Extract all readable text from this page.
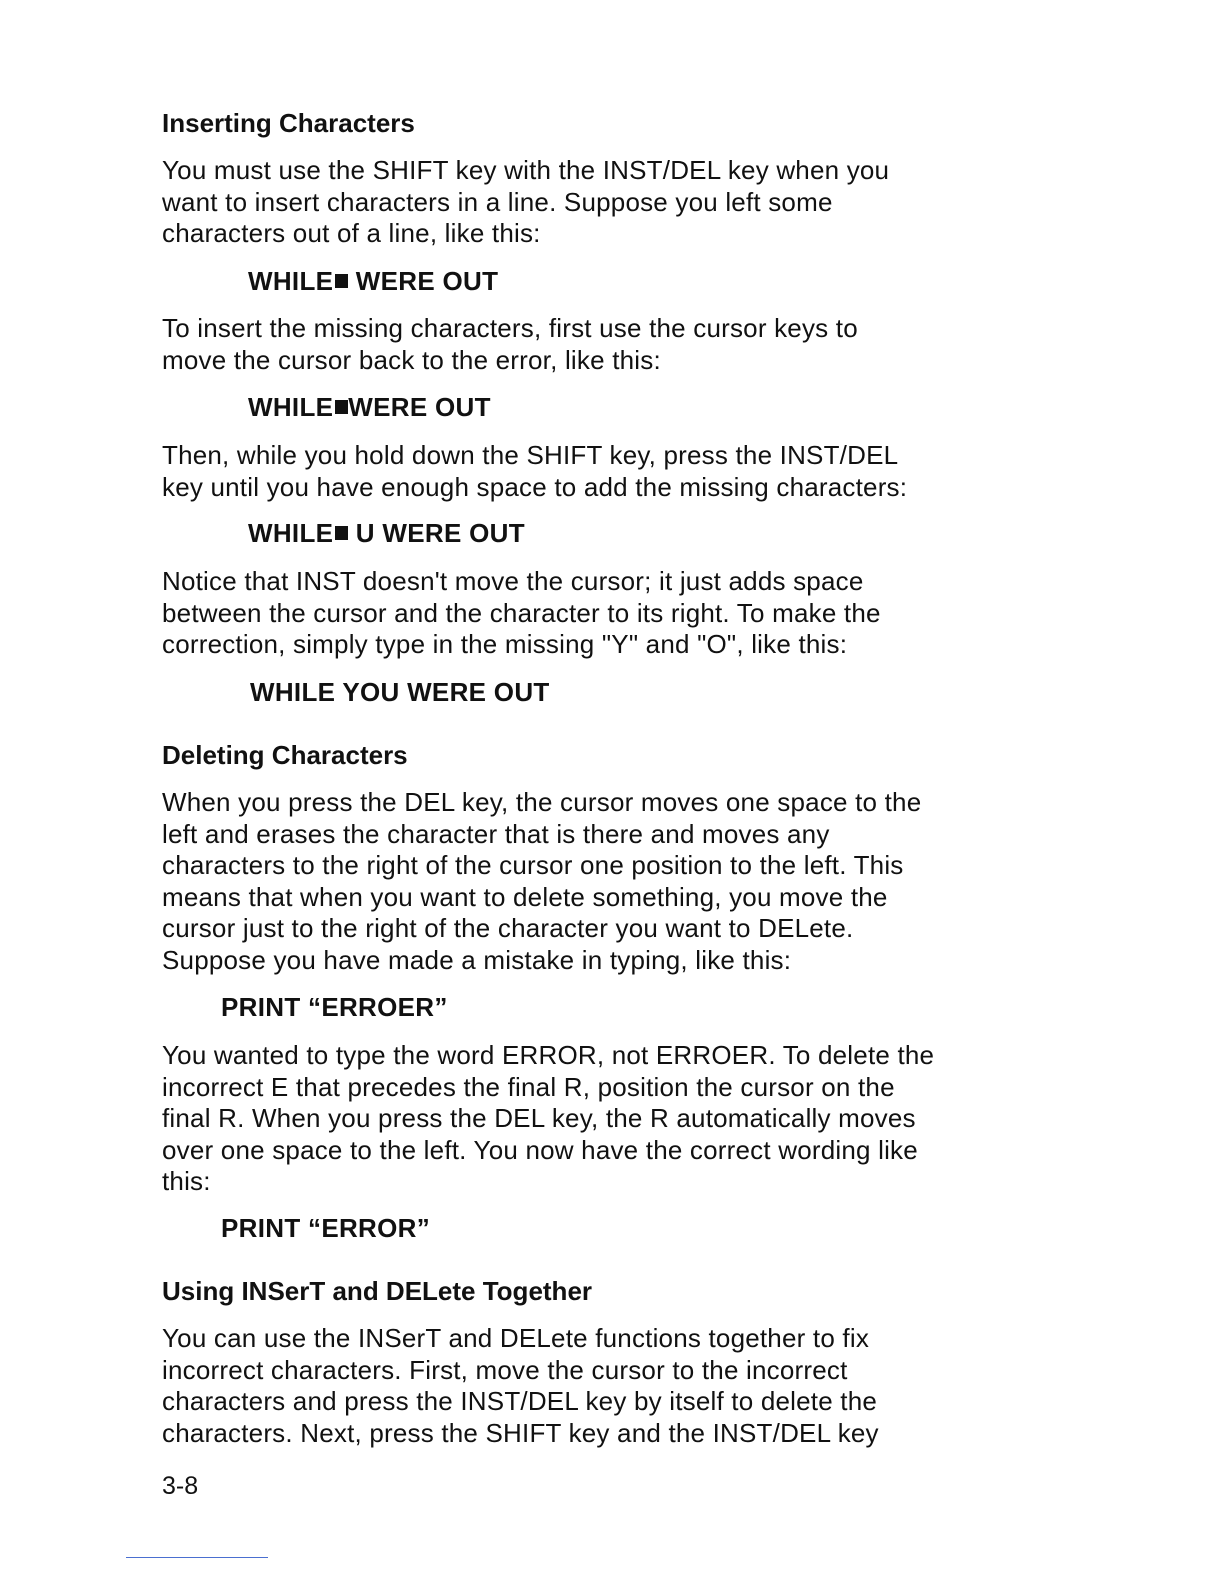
Inserting Characters
You must use the SHIFT key with the INST/DEL key when you
want to insert characters in a line. Suppose you left some
characters out of a line, like this:
WHILE WERE OUT
To insert the missing characters, first use the cursor keys to
move the cursor back to the error, like this:
WHILE WERE OUT
Then, while you hold down the SHIFT key, press the INST/DEL
key until you have enough space to add the missing characters:
WHILE U WERE OUT
Notice that INST doesn't move the cursor; it just adds space
between the cursor and the character to its right. To make the
correction, simply type in the missing "Y" and "O", like this:
WHILE YOU WERE OUT
Deleting Characters
When you press the DEL key, the cursor moves one space to the
left and erases the character that is there and moves any
characters to the right of the cursor one position to the left. This
means that when you want to delete something, you move the
cursor just to the right of the character you want to DELete.
Suppose you have made a mistake in typing, like this:
PRINT “ERROER”
You wanted to type the word ERROR, not ERROER. To delete the
incorrect E that precedes the final R, position the cursor on the
final R. When you press the DEL key, the R automatically moves
over one space to the left. You now have the correct wording like
this:
PRINT “ERROR”
Using INSerT and DELete Together
You can use the INSerT and DELete functions together to fix
incorrect characters. First, move the cursor to the incorrect
characters and press the INST/DEL key by itself to delete the
characters. Next, press the SHIFT key and the INST/DEL key
3-8
